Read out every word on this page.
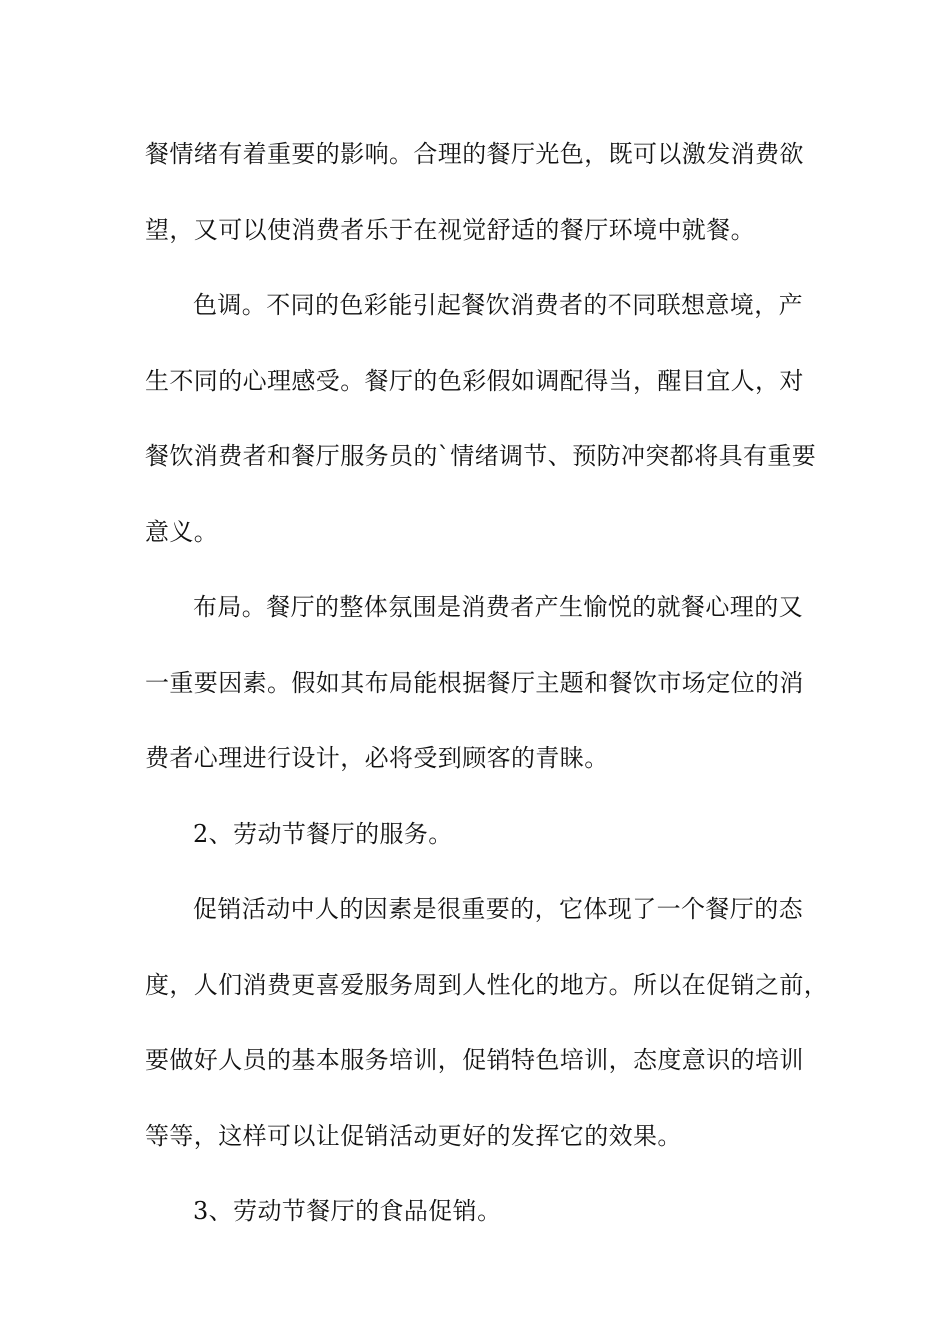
餐情绪有着重要的影响。合理的餐厅光色，既可以激发消费欲
望，又可以使消费者乐于在视觉舒适的餐厅环境中就餐。
色调。不同的色彩能引起餐饮消费者的不同联想意境，产
生不同的心理感受。餐厅的色彩假如调配得当，醒目宜人，对
餐饮消费者和餐厅服务员的`情绪调节、预防冲突都将具有重要
意义。
布局。餐厅的整体氛围是消费者产生愉悦的就餐心理的又
一重要因素。假如其布局能根据餐厅主题和餐饮市场定位的消
费者心理进行设计，必将受到顾客的青睐。
2、劳动节餐厅的服务。
促销活动中人的因素是很重要的，它体现了一个餐厅的态
度，人们消费更喜爱服务周到人性化的地方。所以在促销之前，
要做好人员的基本服务培训，促销特色培训，态度意识的培训
等等，这样可以让促销活动更好的发挥它的效果。
3、劳动节餐厅的食品促销。
